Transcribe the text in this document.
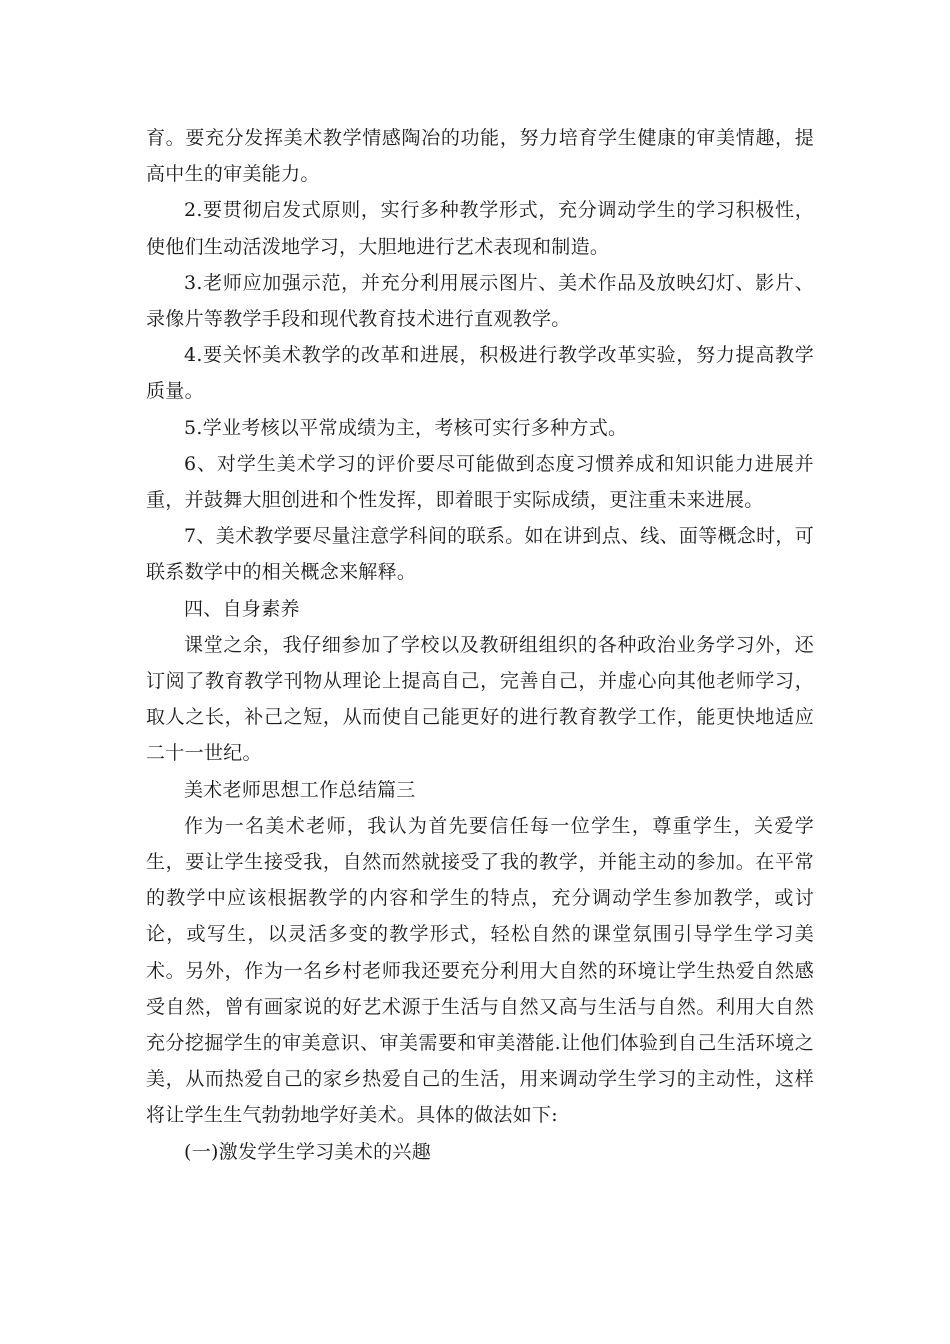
育。要充分发挥美术教学情感陶冶的功能，努力培育学生健康的审美情趣，提高中生的审美能力。

2.要贯彻启发式原则，实行多种教学形式，充分调动学生的学习积极性，使他们生动活泼地学习，大胆地进行艺术表现和制造。

3.老师应加强示范，并充分利用展示图片、美术作品及放映幻灯、影片、录像片等教学手段和现代教育技术进行直观教学。

4.要关怀美术教学的改革和进展，积极进行教学改革实验，努力提高教学质量。

5.学业考核以平常成绩为主，考核可实行多种方式。

6、对学生美术学习的评价要尽可能做到态度习惯养成和知识能力进展并重，并鼓舞大胆创进和个性发挥，即着眼于实际成绩，更注重未来进展。

7、美术教学要尽量注意学科间的联系。如在讲到点、线、面等概念时，可联系数学中的相关概念来解释。

四、自身素养

课堂之余，我仔细参加了学校以及教研组组织的各种政治业务学习外，还订阅了教育教学刊物从理论上提高自己，完善自己，并虚心向其他老师学习，取人之长，补己之短，从而使自己能更好的进行教育教学工作，能更快地适应二十一世纪。

美术老师思想工作总结篇三

作为一名美术老师，我认为首先要信任每一位学生，尊重学生，关爱学生，要让学生接受我，自然而然就接受了我的教学，并能主动的参加。在平常的教学中应该根据教学的内容和学生的特点，充分调动学生参加教学，或讨论，或写生，以灵活多变的教学形式，轻松自然的课堂氛围引导学生学习美术。另外，作为一名乡村老师我还要充分利用大自然的环境让学生热爱自然感受自然，曾有画家说的好艺术源于生活与自然又高与生活与自然。利用大自然充分挖掘学生的审美意识、审美需要和审美潜能.让他们体验到自己生活环境之美，从而热爱自己的家乡热爱自己的生活，用来调动学生学习的主动性，这样将让学生生气勃勃地学好美术。具体的做法如下:

(一)激发学生学习美术的兴趣
